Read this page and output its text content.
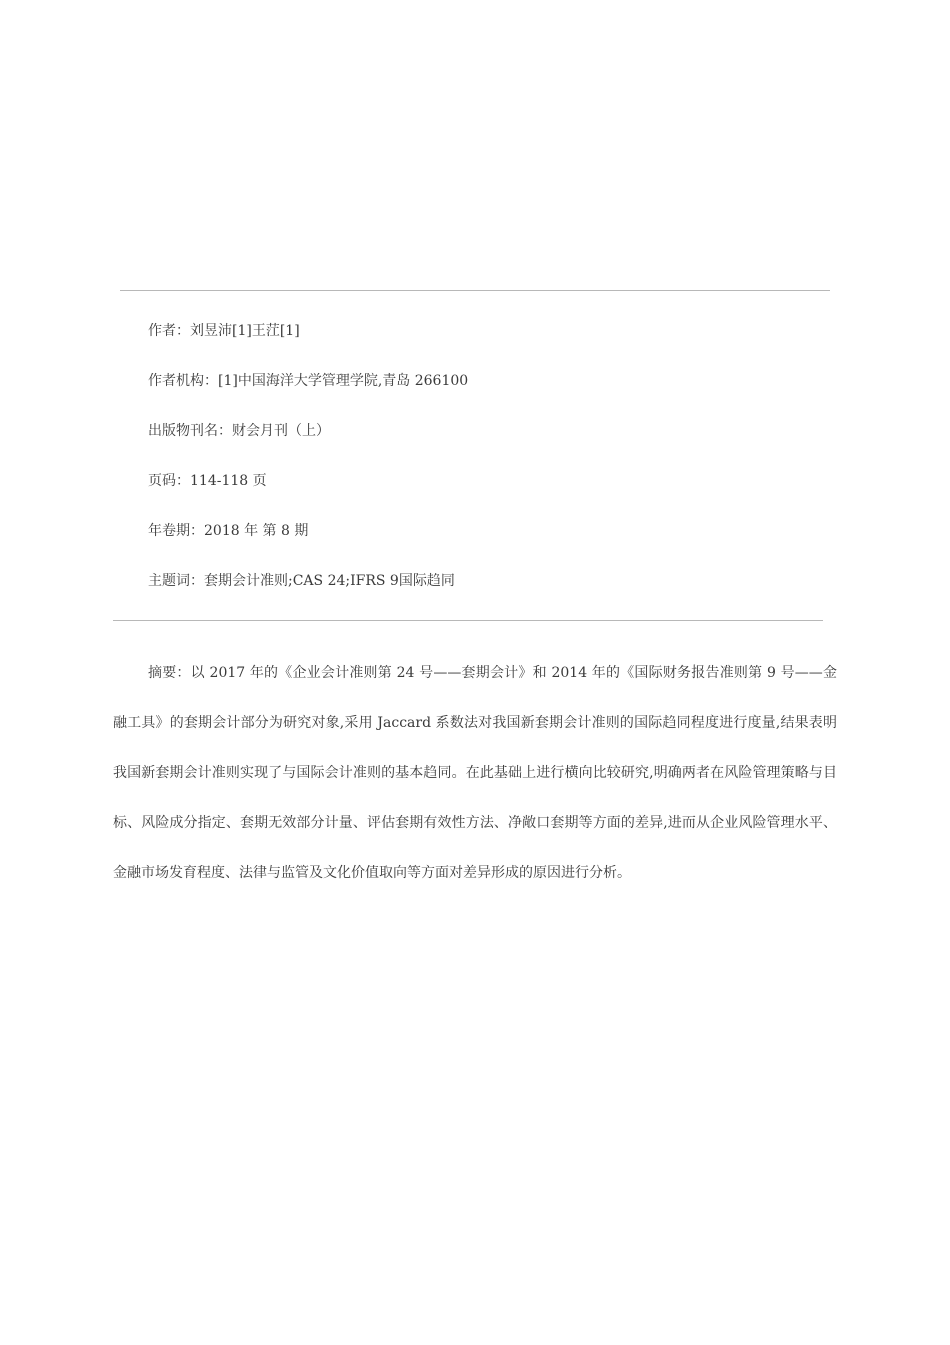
作者：刘昱沛[1]王茳[1]
作者机构：[1]中国海洋大学管理学院,青岛 266100
出版物刊名：财会月刊（上）
页码：114-118 页
年卷期：2018 年 第 8 期
主题词：套期会计准则;CAS 24;IFRS 9国际趋同
摘要：以 2017 年的《企业会计准则第 24 号——套期会计》和 2014 年的《国际财务报告准则第 9 号——金融工具》的套期会计部分为研究对象,采用 Jaccard 系数法对我国新套期会计准则的国际趋同程度进行度量,结果表明我国新套期会计准则实现了与国际会计准则的基本趋同。在此基础上进行横向比较研究,明确两者在风险管理策略与目标、风险成分指定、套期无效部分计量、评估套期有效性方法、净敞口套期等方面的差异,进而从企业风险管理水平、金融市场发育程度、法律与监管及文化价值取向等方面对差异形成的原因进行分析。
